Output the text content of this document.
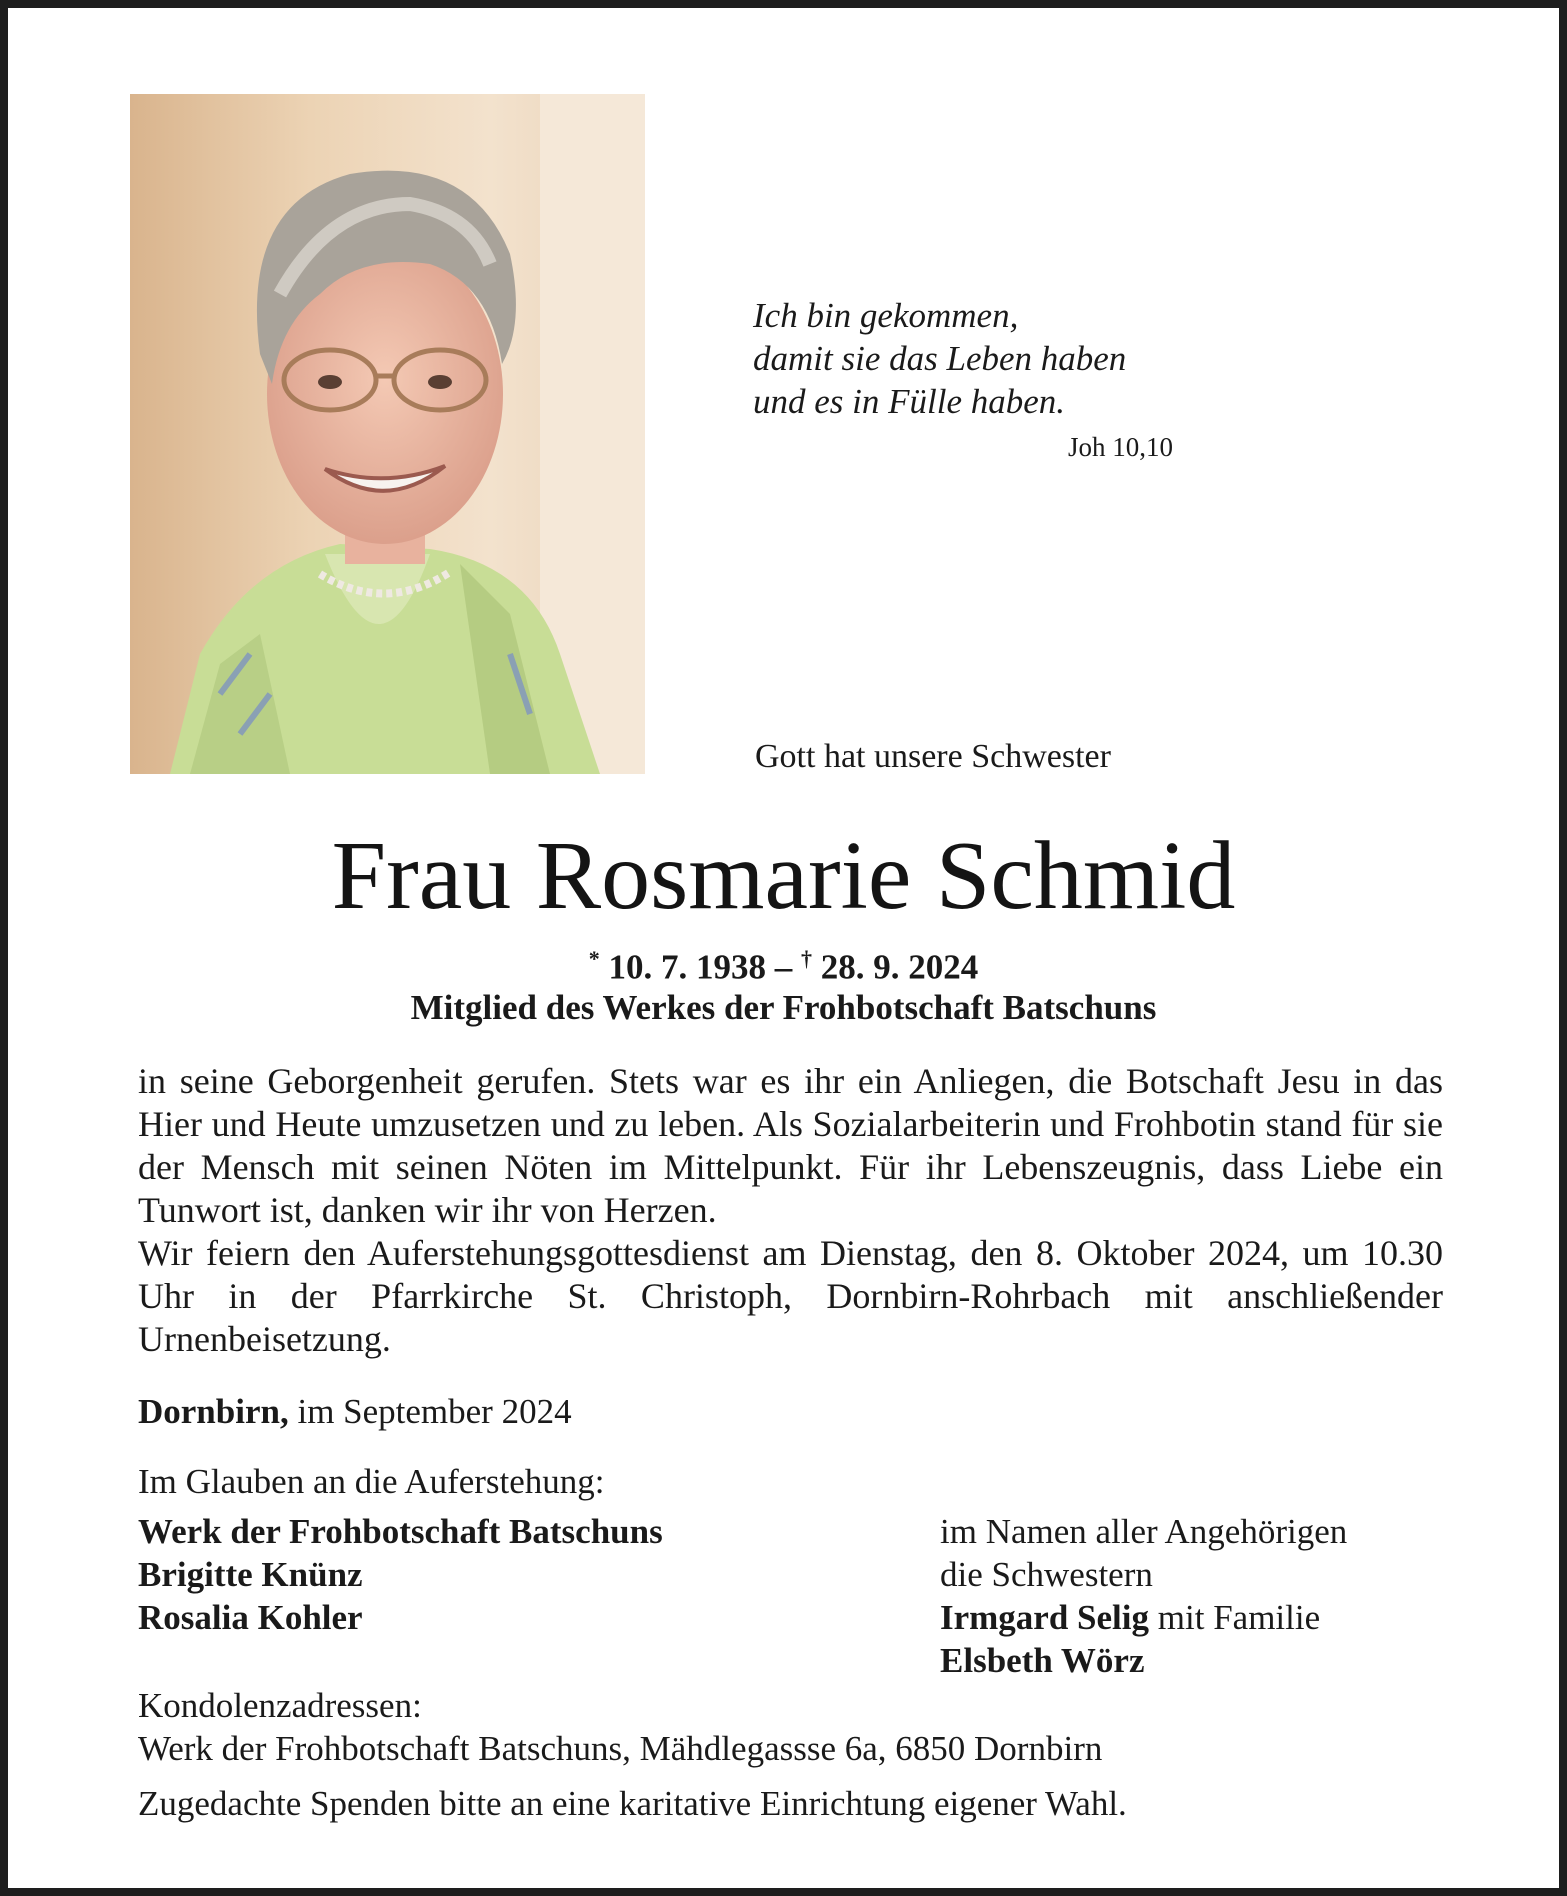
Ich bin gekommen,
damit sie das Leben haben
und es in Fülle haben.
Joh 10,10
Gott hat unsere Schwester
Frau Rosmarie Schmid
* 10. 7. 1938 – † 28. 9. 2024
Mitglied des Werkes der Frohbotschaft Batschuns

in seine Geborgenheit gerufen. Stets war es ihr ein Anliegen, die Botschaft Jesu in das Hier und Heute umzusetzen und zu leben. Als Sozialarbeiterin und Frohbotin stand für sie der Mensch mit seinen Nöten im Mittelpunkt. Für ihr Lebenszeugnis, dass Liebe ein Tunwort ist, danken wir ihr von Herzen.

Wir feiern den Auferstehungsgottesdienst am Dienstag, den 8. Oktober 2024, um 10.30 Uhr in der Pfarrkirche St. Christoph, Dornbirn-Rohrbach mit anschließender Urnenbeisetzung.

Dornbirn, im September 2024
Im Glauben an die Auferstehung:
Werk der Frohbotschaft Batschuns
Brigitte Knünz
Rosalia Kohler
im Namen aller Angehörigen
die Schwestern
Irmgard Selig mit Familie
Elsbeth Wörz
Kondolenzadressen:
Werk der Frohbotschaft Batschuns, Mähdlegassse 6a, 6850 Dornbirn
Zugedachte Spenden bitte an eine karitative Einrichtung eigener Wahl.
